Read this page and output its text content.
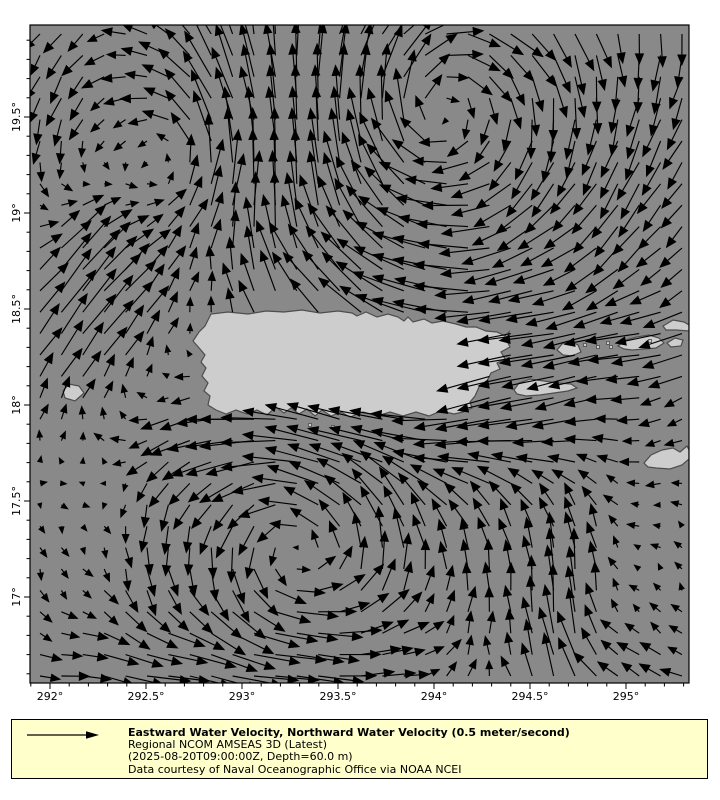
292°	292.5°	293°	293.5°	294°	294.5°	295°
19.5°
19°
18.5°
18°
17.5°
17°
Eastward Water Velocity, Northward Water Velocity (0.5 meter/second)
Regional NCOM AMSEAS 3D (Latest)
(2025-08-20T09:00:00Z, Depth=60.0 m)
Data courtesy of Naval Oceanographic Office via NOAA NCEI
